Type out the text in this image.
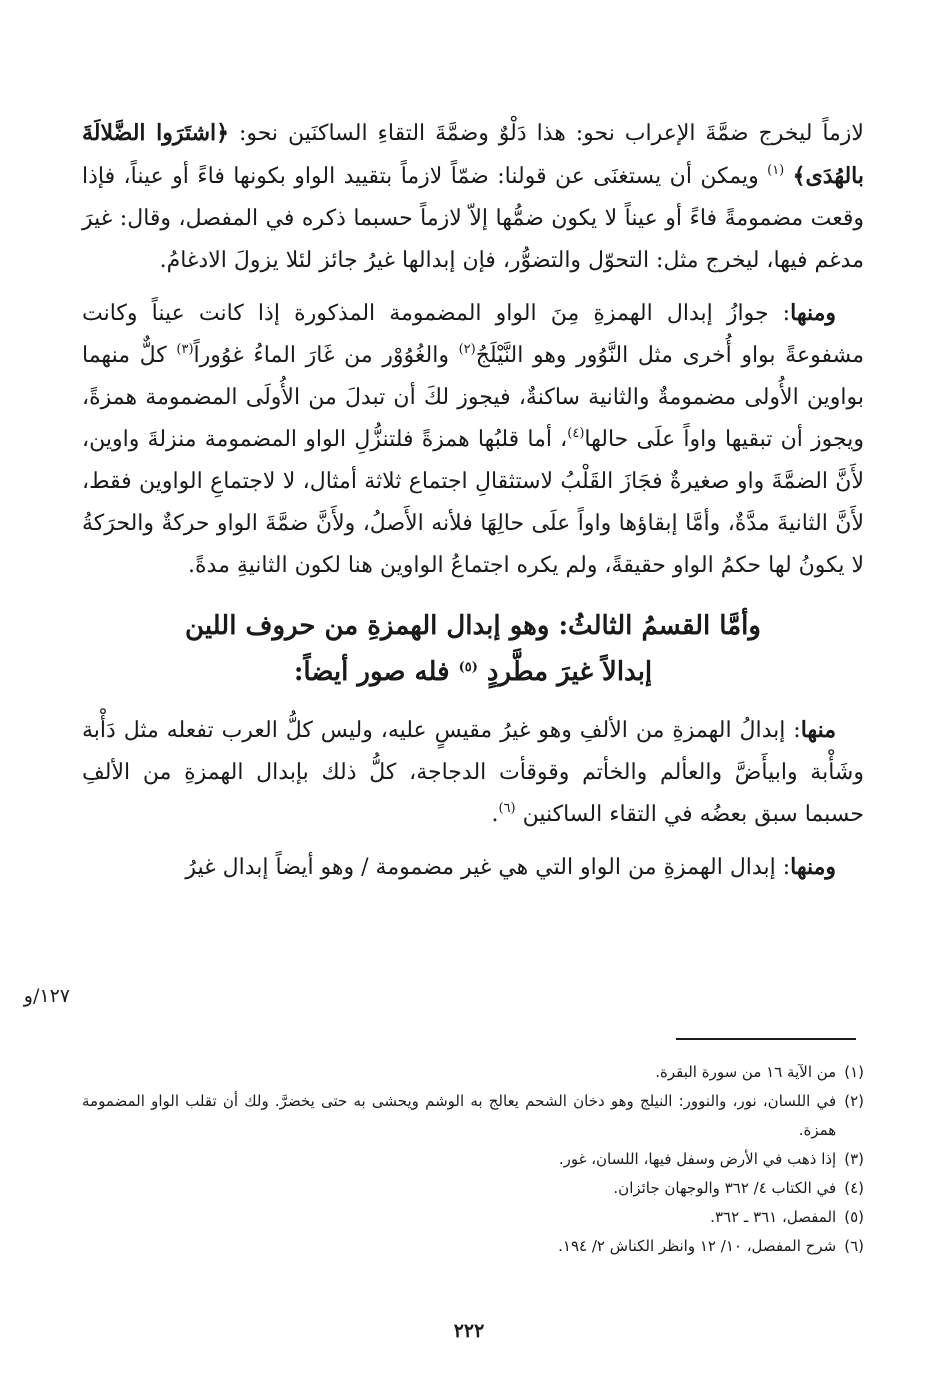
لازماً ليخرج ضمَّةَ الإعراب نحو: هذا دَلْوٌ وضمَّةَ التقاءِ الساكنَين نحو: ﴿اشتَرَوا الضَّلالَةَ بالهُدَى﴾ $^{(١)}$ ويمكن أن يستغنَى عن قولنا: ضمّاً لازماً بتقييد الواو بكونها فاءً أو عيناً، فإذا وقعت مضمومةً فاءً أو عيناً لا يكون ضمُّها إلاّ لازماً حسبما ذكره في المفصل، وقال: غيرَ مدغم فيها، ليخرج مثل: التحوّل والتضوُّر، فإن إبدالها غيرُ جائز لئلا يزولَ الادغامُ.

ومنها: جوازُ إبدال الهمزةِ مِنَ الواو المضمومة المذكورة إذا كانت عيناً وكانت مشفوعةً بواو أُخرى مثل النَّوُور وهو النَّيْلَجُ$^{(٢)}$ والغُوُوْر من غَارَ الماءُ غوُوراً$^{(٣)}$ كلٌّ منهما بواوين الأُولى مضمومةٌ والثانية ساكنةٌ، فيجوز لكَ أن تبدلَ من الأُولَى المضمومة همزةً، ويجوز أن تبقيها واواً علَى حالها$^{(٤)}$، أما قلبُها همزةً فلتنزُّلِ الواو المضمومة منزلةَ واوين، لأَنَّ الضمَّةَ واو صغيرةٌ فجَازَ القَلْبُ لاستثقالِ اجتماع ثلاثة أمثال، لا لاجتماعِ الواوين فقط، لأَنَّ الثانيةَ مدَّةٌ، وأمَّا إبقاؤها واواً علَى حالِهَا فلأنه الأَصلُ، ولأَنَّ ضمَّةَ الواو حركةٌ والحرَكةُ لا يكونُ لها حكمُ الواو حقيقةً، ولم يكره اجتماعُ الواوين هنا لكون الثانيةِ مدةً.

وأمَّا القسمُ الثالثُ: وهو إبدال الهمزةِ من حروف اللين
إبدالاً غيرَ مطَّردٍ $^{(٥)}$ فله صور أيضاً:

منها: إبدالُ الهمزةِ من الألفِ وهو غيرُ مقيسٍ عليه، وليس كلُّ العرب تفعله مثل دَأْبة وشَأْبة وابيأَضَّ والعألم والخأتم وقوقأت الدجاجة، كلُّ ذلك بإبدال الهمزةِ من الألفِ حسبما سبق بعضُه في التقاء الساكنين $^{(٦)}$.

ومنها: إبدال الهمزةِ من الواو التي هي غير مضمومة / وهو أيضاً إبدال غيرُ

١٢٧/و
(١)
من الآية ١٦ من سورة البقرة.
(٢)
في اللسان، نور، والنوور: النيلج وهو دخان الشحم يعالج به الوشم ويحشى به حتى يخضرَّ. ولك أن تقلب الواو المضمومة همزة.
(٣)
إذا ذهب في الأرض وسفل فيها، اللسان، غور.
(٤)
في الكتاب ٤/ ٣٦٢ والوجهان جائزان.
(٥)
المفصل، ٣٦١ ـ ٣٦٢.
(٦)
شرح المفصل، ١٠/ ١٢ وانظر الكناش ٢/ ١٩٤.
٢٢٢
